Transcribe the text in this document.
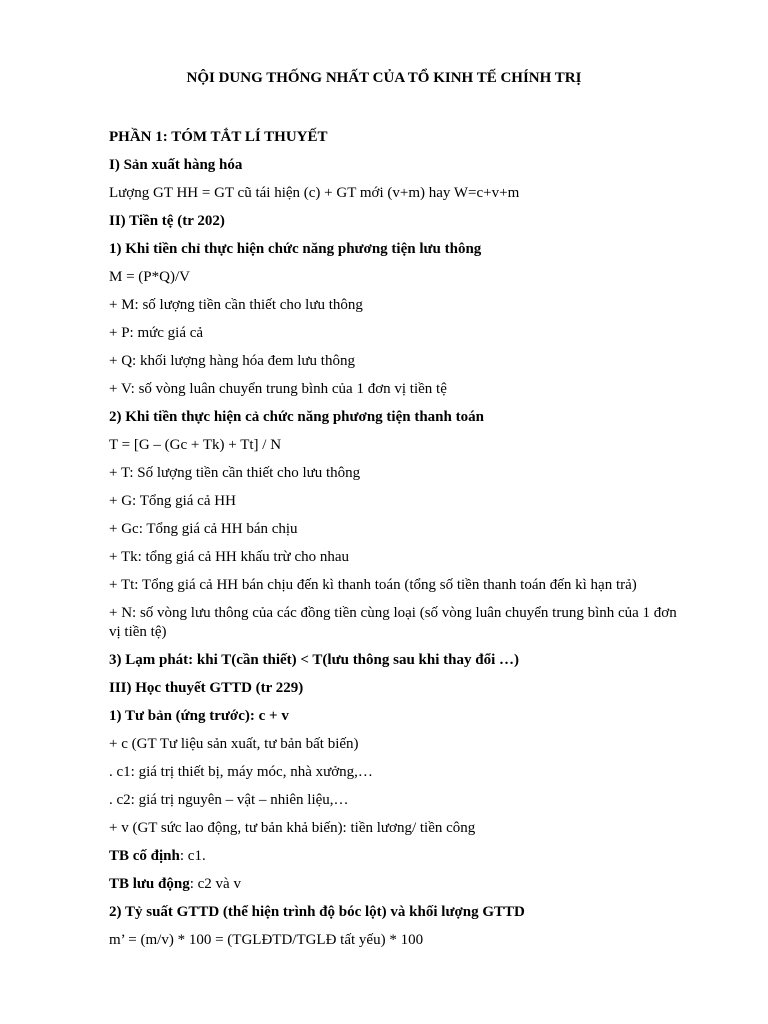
NỘI DUNG THỐNG NHẤT CỦA TỔ KINH TẾ CHÍNH TRỊ
PHẦN 1: TÓM TẮT LÍ THUYẾT
I) Sản xuất hàng hóa
Lượng GT HH = GT cũ tái hiện (c) + GT mới (v+m) hay W=c+v+m
II) Tiền tệ (tr 202)
1) Khi tiền chỉ thực hiện chức năng phương tiện lưu thông
M = (P*Q)/V
+ M: số lượng tiền cần thiết cho lưu thông
+ P: mức giá cả
+ Q: khối lượng hàng hóa đem lưu thông
+ V: số vòng luân chuyển trung bình của 1 đơn vị tiền tệ
2) Khi tiền thực hiện cả chức năng phương tiện thanh toán
T = [G – (Gc + Tk) + Tt] / N
+ T: Số lượng tiền cần thiết cho lưu thông
+ G: Tổng giá cả HH
+ Gc: Tổng giá cả HH bán chịu
+ Tk: tổng giá cả HH khấu trừ cho nhau
+ Tt: Tổng giá cả HH bán chịu đến kì thanh toán (tổng số tiền thanh toán đến kì hạn trả)
+ N: số vòng lưu thông của các đồng tiền cùng loại (số vòng luân chuyển trung bình của 1 đơn vị tiền tệ)
3) Lạm phát: khi T(cần thiết) < T(lưu thông sau khi thay đổi …)
III) Học thuyết GTTD (tr 229)
1) Tư bản (ứng trước): c + v
+ c (GT Tư liệu sản xuất, tư bản bất biến)
. c1: giá trị thiết bị, máy móc, nhà xưởng,…
. c2: giá trị nguyên – vật – nhiên liệu,…
+ v (GT sức lao động, tư bản khả biến): tiền lương/ tiền công
TB cố định: c1.
TB lưu động: c2 và v
2) Tỷ suất GTTD (thể hiện trình độ bóc lột) và khối lượng GTTD
m’ = (m/v) * 100 = (TGLĐTD/TGLĐ tất yếu) * 100
